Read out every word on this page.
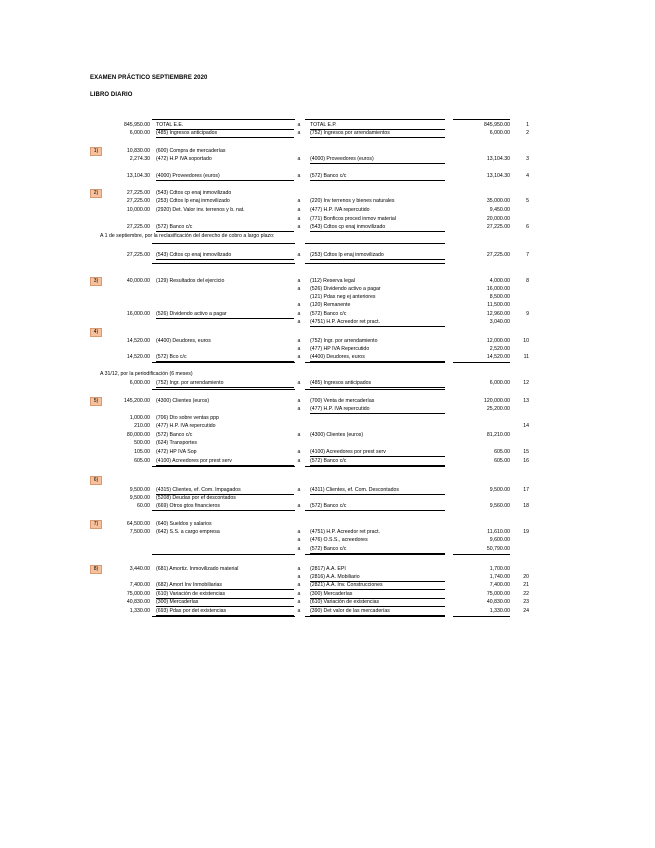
EXAMEN PRÁCTICO SEPTIEMBRE 2020
LIBRO DIARIO
845,950.00 TOTAL E.E.	a	TOTAL E.P.	845,950.00	1
6,000.00 (485) Ingresos anticipados	a	(752) Ingresos por arrendamientos	6,000.00	2
1)	10,830.00 (600) Compra de mercaderías
2,274.30 (472) H.P IVA soportado	a	(4000) Proveedores (euros)	13,104.30	3
13,104.30 (4000) Proveedores (euros)	a	(572) Banco c/c	13,104.30	4
2)	27,225.00 (543) Cdtos cp enaj inmovilizado
27,225.00 (253) Cdtos lp enaj inmovilizado	a	(220) Inv terrenos y bienes naturales	35,000.00	5
10,000.00 (2920) Det. Valor inv. terrenos y b. nat.	a	(477) H.P. IVA repercutido	9,450.00
a	(771) Bonficos proced inmov material	20,000.00
27,225.00 (572) Banco c/c	a	(543) Cdtos cp enaj inmovilizado	27,225.00	6
A 1 de septiembre, por la reclasificación del derecho de cobro a largo plazo:
27,225.00 (543) Cdtos cp enaj inmovilizado	a	(253) Cdtos lp enaj inmovilizado	27,225.00	7
3)	40,000.00 (129) Resultados del ejercicio	a	(112) Reserva legal	4,000.00	8
a	(526) Dividendo activo a pagar	16,000.00
(121) Pdas neg ej anteriores	8,500.00
a	(120) Remanente	11,500.00
16,000.00 (526) Dividendo activo a pagar	a	(572) Banco c/c	12,960.00	9
a	(4751) H.P. Acreedor ret pract.	3,040.00
4)
14,520.00 (4400) Deudores, euros	a	(752) Ingr. por arrendamiento	12,000.00	10
a	(477) HP IVA Repercutido	2,520.00
14,520.00 (572) Bco c/c	a	(4400) Deudores, euros	14,520.00	11
A 31/12, por la periodificación (6 meses)
6,000.00 (752) Ingr. por arrendamiento	a	(485) Ingresos anticipados	6,000.00	12
5)	145,200.00 (4300) Clientes (euros)	a	(700) Venta de mercaderías	120,000.00	13
a	(477) H.P. IVA repercutido	25,200.00
1,000.00 (706) Dto sobre ventas ppp
210.00 (477) H.P. IVA repercutido	14
80,000.00 (572) Banco c/c	a	(4300) Clientes (euros)	81,210.00
500.00 (624) Transportes
105.00 (472) HP IVA Sop	a	(4100) Acreedores por prest serv	605.00	15
605.00 (4100) Acreedores por prest serv	a	(572) Banco c/c	605.00	16
6)
9,500.00 (4315) Clientes, ef. Com. Impagados	a	(4311) Clientes, ef. Com. Descontados	9,500.00	17
9,500.00 (5208) Deudas por ef descontados
60.00 (669) Otros gtos financieros	a	(572) Banco c/c	9,560.00	18
7)	64,500.00 (640) Sueldos y salarios
7,500.00 (642) S.S. a cargo empresa	a	(4751) H.P. Acreedor ret pract.	11,610.00	19
a	(476) O.S.S., acreedores	9,600.00
a	(572) Banco c/c	50,790.00
8)	3,440.00 (681) Amortiz. Inmovilizado material	a	(2817) A.A. EPI	1,700.00
a	(2816) A.A. Mobiliario	1,740.00	20
7,400.00 (682) Amort Inv Inmobiliarias	a	(2821) A.A. Inv. Construcciones	7,400.00	21
75,000.00 (610) Variación de existencias	a	(300) Mercaderías	75,000.00	22
40,830.00 (300) Mercaderías	a	(610) Variación de existencias	40,830.00	23
1,330.00 (693) Pdas por det existencias	a	(390) Det valor de las mercaderías	1,330.00	24
